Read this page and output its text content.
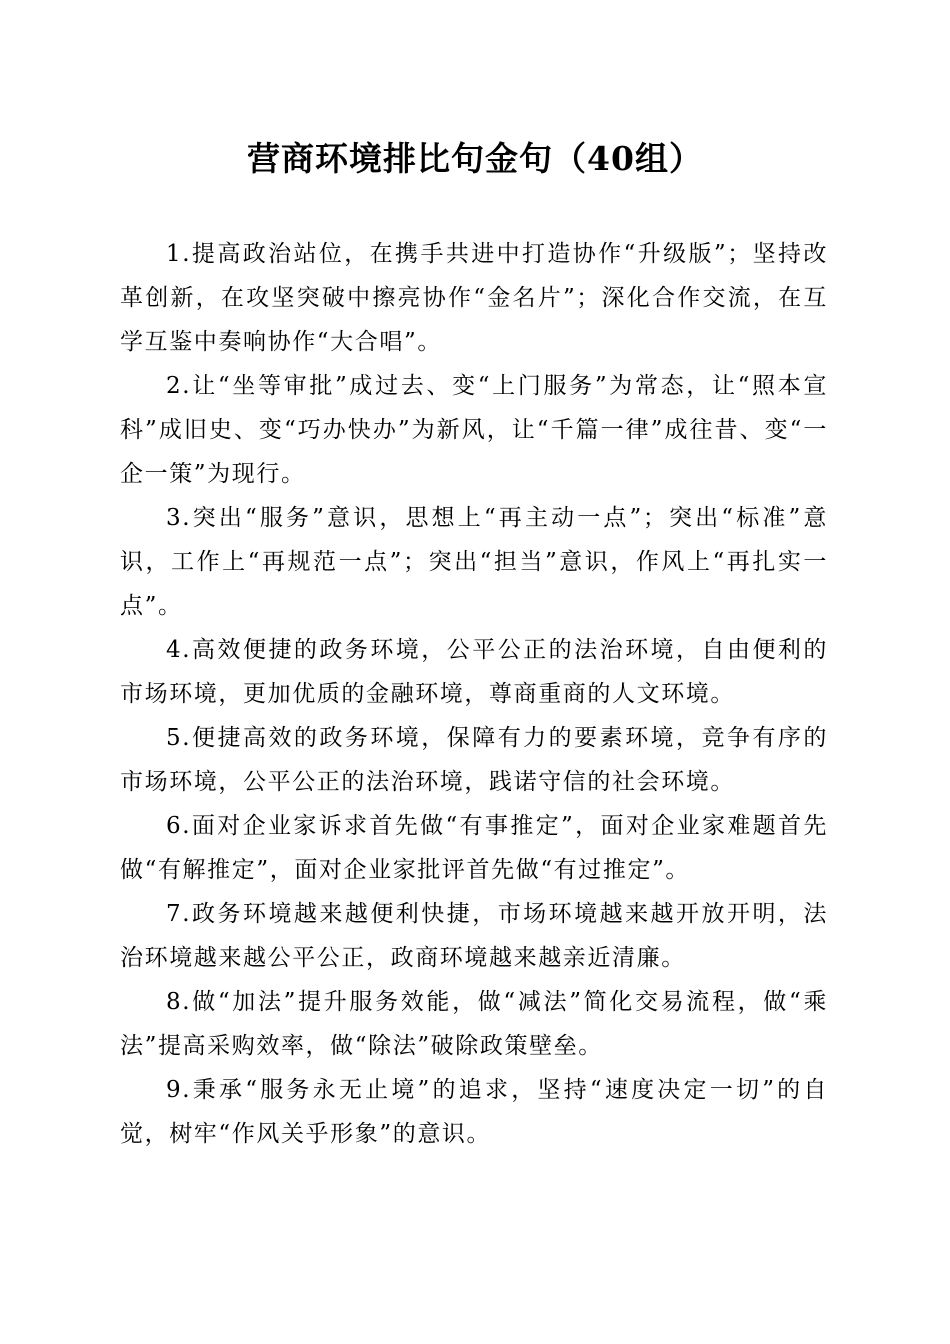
营商环境排比句金句（40组）

1.提高政治站位，在携手共进中打造协作“升级版”；坚持改革创新，在攻坚突破中擦亮协作“金名片”；深化合作交流，在互学互鉴中奏响协作“大合唱”。

2.让“坐等审批”成过去、变“上门服务”为常态，让“照本宣科”成旧史、变“巧办快办”为新风，让“千篇一律”成往昔、变“一企一策”为现行。

3.突出“服务”意识，思想上“再主动一点”；突出“标准”意识，工作上“再规范一点”；突出“担当”意识，作风上“再扎实一点”。

4.高效便捷的政务环境，公平公正的法治环境，自由便利的市场环境，更加优质的金融环境，尊商重商的人文环境。

5.便捷高效的政务环境，保障有力的要素环境，竞争有序的市场环境，公平公正的法治环境，践诺守信的社会环境。

6.面对企业家诉求首先做“有事推定”，面对企业家难题首先做“有解推定”，面对企业家批评首先做“有过推定”。

7.政务环境越来越便利快捷，市场环境越来越开放开明，法治环境越来越公平公正，政商环境越来越亲近清廉。

8.做“加法”提升服务效能，做“减法”简化交易流程，做“乘法”提高采购效率，做“除法”破除政策壁垒。

9.秉承“服务永无止境”的追求，坚持“速度决定一切”的自觉，树牢“作风关乎形象”的意识。
